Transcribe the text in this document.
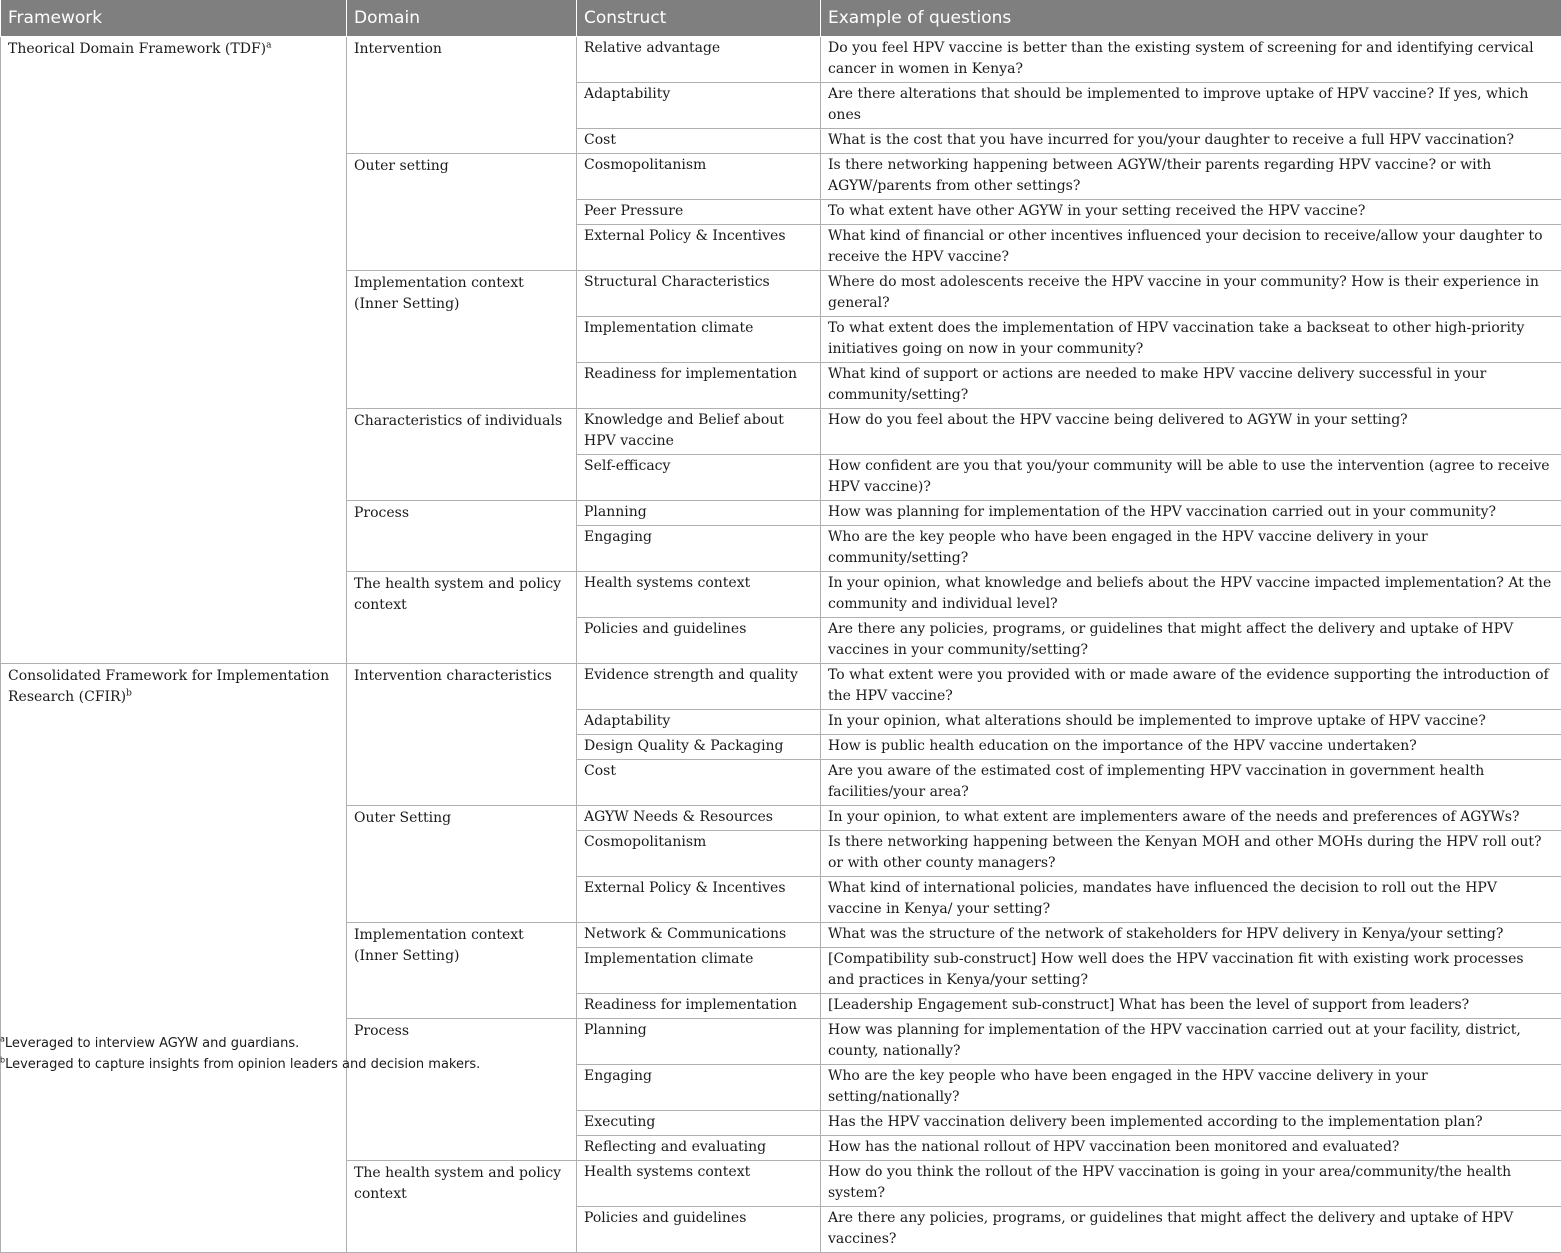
Framework	Domain	Construct	Example of questions
Theorical Domain Framework (TDF)$^a$	Intervention	Relative advantage	Do you feel HPV vaccine is better than the existing system of screening for and identifying cervical cancer in women in Kenya?
		Adaptability	Are there alterations that should be implemented to improve uptake of HPV vaccine? If yes, which ones
		Cost	What is the cost that you have incurred for you/your daughter to receive a full HPV vaccination?
	Outer setting	Cosmopolitanism	Is there networking happening between AGYW/their parents regarding HPV vaccine? or with AGYW/parents from other settings?
		Peer Pressure	To what extent have other AGYW in your setting received the HPV vaccine?
		External Policy & Incentives	What kind of financial or other incentives influenced your decision to receive/allow your daughter to receive the HPV vaccine?
	Implementation context (Inner Setting)	Structural Characteristics	Where do most adolescents receive the HPV vaccine in your community? How is their experience in general?
		Implementation climate	To what extent does the implementation of HPV vaccination take a backseat to other high-priority initiatives going on now in your community?
		Readiness for implementation	What kind of support or actions are needed to make HPV vaccine delivery successful in your community/setting?
	Characteristics of individuals	Knowledge and Belief about HPV vaccine	How do you feel about the HPV vaccine being delivered to AGYW in your setting?
		Self-efficacy	How confident are you that you/your community will be able to use the intervention (agree to receive HPV vaccine)?
	Process	Planning	How was planning for implementation of the HPV vaccination carried out in your community?
		Engaging	Who are the key people who have been engaged in the HPV vaccine delivery in your community/setting?
	The health system and policy context	Health systems context	In your opinion, what knowledge and beliefs about the HPV vaccine impacted implementation? At the community and individual level?
		Policies and guidelines	Are there any policies, programs, or guidelines that might affect the delivery and uptake of HPV vaccines in your community/setting?
Consolidated Framework for Implementation Research (CFIR)$^b$	Intervention characteristics	Evidence strength and quality	To what extent were you provided with or made aware of the evidence supporting the introduction of the HPV vaccine?
		Adaptability	In your opinion, what alterations should be implemented to improve uptake of HPV vaccine?
		Design Quality & Packaging	How is public health education on the importance of the HPV vaccine undertaken?
		Cost	Are you aware of the estimated cost of implementing HPV vaccination in government health facilities/your area?
	Outer Setting	AGYW Needs & Resources	In your opinion, to what extent are implementers aware of the needs and preferences of AGYWs?
		Cosmopolitanism	Is there networking happening between the Kenyan MOH and other MOHs during the HPV roll out? or with other county managers?
		External Policy & Incentives	What kind of international policies, mandates have influenced the decision to roll out the HPV vaccine in Kenya/ your setting?
	Implementation context (Inner Setting)	Network & Communications	What was the structure of the network of stakeholders for HPV delivery in Kenya/your setting?
		Implementation climate	[Compatibility sub-construct] How well does the HPV vaccination fit with existing work processes and practices in Kenya/your setting?
		Readiness for implementation	[Leadership Engagement sub-construct] What has been the level of support from leaders?
	Process	Planning	How was planning for implementation of the HPV vaccination carried out at your facility, district, county, nationally?
		Engaging	Who are the key people who have been engaged in the HPV vaccine delivery in your setting/nationally?
		Executing	Has the HPV vaccination delivery been implemented according to the implementation plan?
		Reflecting and evaluating	How has the national rollout of HPV vaccination been monitored and evaluated?
	The health system and policy context	Health systems context	How do you think the rollout of the HPV vaccination is going in your area/community/the health system?
		Policies and guidelines	Are there any policies, programs, or guidelines that might affect the delivery and uptake of HPV vaccines?
$^a$Leveraged to interview AGYW and guardians.
$^b$Leveraged to capture insights from opinion leaders and decision makers.
